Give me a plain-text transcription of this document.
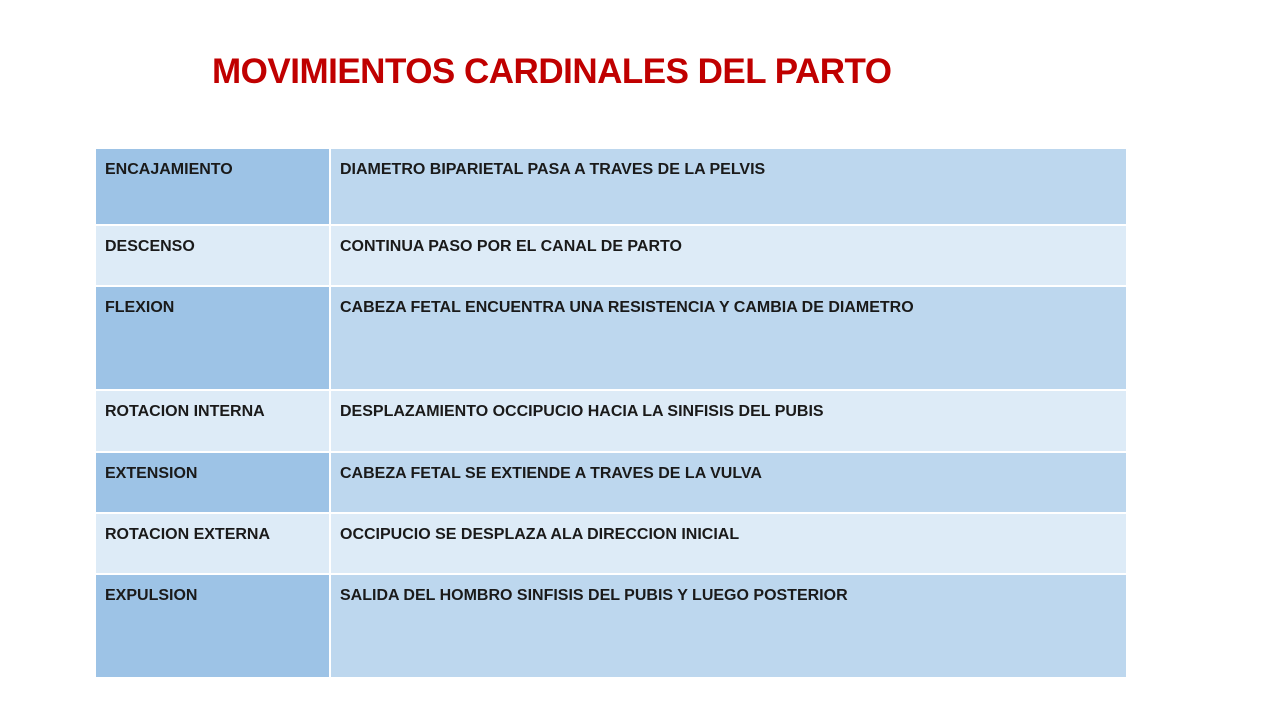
MOVIMIENTOS CARDINALES DEL PARTO
ENCAJAMIENTO	DIAMETRO BIPARIETAL PASA A TRAVES DE LA PELVIS
DESCENSO	CONTINUA PASO POR EL CANAL DE PARTO
FLEXION	CABEZA FETAL ENCUENTRA UNA RESISTENCIA Y CAMBIA DE DIAMETRO
ROTACION INTERNA	DESPLAZAMIENTO OCCIPUCIO HACIA LA SINFISIS DEL PUBIS
EXTENSION	CABEZA FETAL SE EXTIENDE A TRAVES DE LA VULVA
ROTACION EXTERNA	OCCIPUCIO SE DESPLAZA ALA DIRECCION INICIAL
EXPULSION	SALIDA DEL HOMBRO SINFISIS DEL PUBIS Y LUEGO POSTERIOR
